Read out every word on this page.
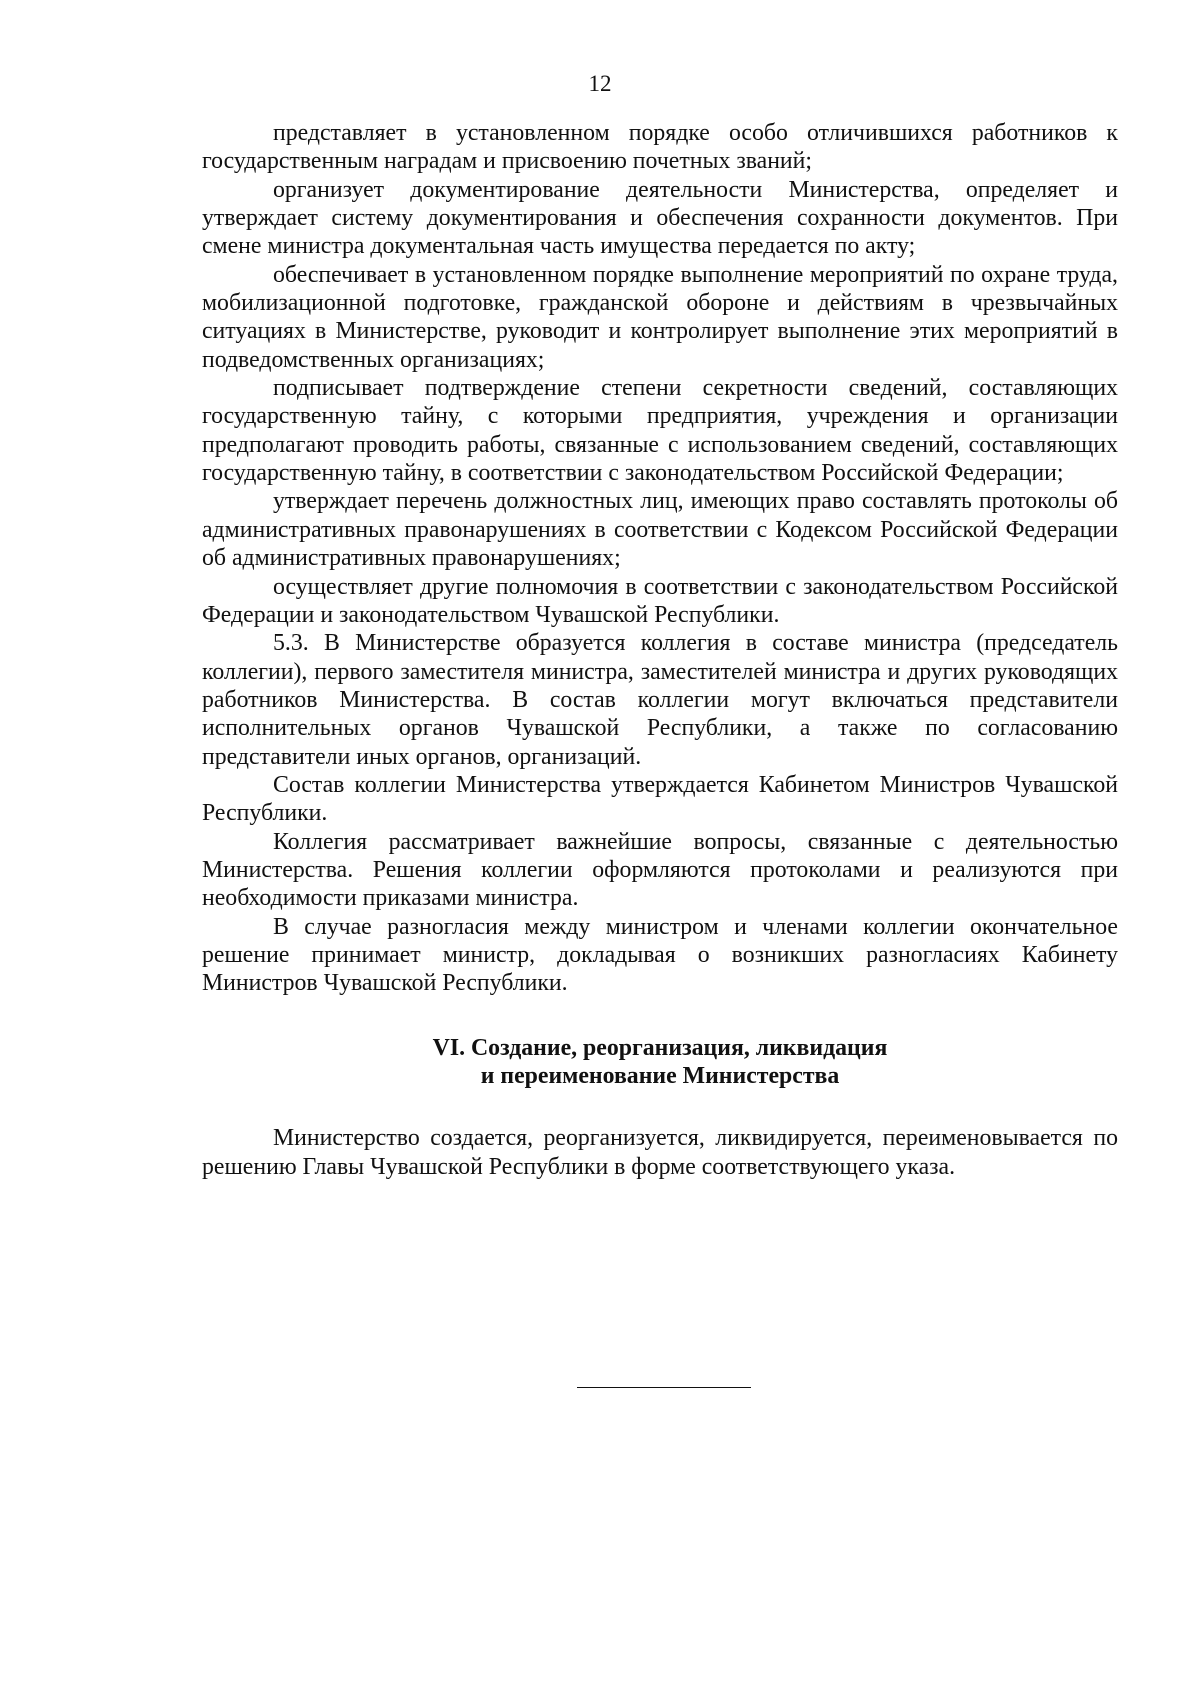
12

представляет в установленном порядке особо отличившихся работников к государственным наградам и присвоению почетных званий;

организует документирование деятельности Министерства, определяет и утверждает систему документирования и обеспечения сохранности документов. При смене министра документальная часть имущества передается по акту;

обеспечивает в установленном порядке выполнение мероприятий по охране труда, мобилизационной подготовке, гражданской обороне и действиям в чрезвычайных ситуациях в Министерстве, руководит и контролирует выполнение этих мероприятий в подведомственных организациях;

подписывает подтверждение степени секретности сведений, составляющих государственную тайну, с которыми предприятия, учреждения и организации предполагают проводить работы, связанные с использованием сведений, составляющих государственную тайну, в соответствии с законодательством Российской Федерации;

утверждает перечень должностных лиц, имеющих право составлять протоколы об административных правонарушениях в соответствии с Кодексом Российской Федерации об административных правонарушениях;

осуществляет другие полномочия в соответствии с законодательством Российской Федерации и законодательством Чувашской Республики.

5.3. В Министерстве образуется коллегия в составе министра (председатель коллегии), первого заместителя министра, заместителей министра и других руководящих работников Министерства. В состав коллегии могут включаться представители исполнительных органов Чувашской Республики, а также по согласованию представители иных органов, организаций.

Состав коллегии Министерства утверждается Кабинетом Министров Чувашской Республики.

Коллегия рассматривает важнейшие вопросы, связанные с деятельностью Министерства. Решения коллегии оформляются протоколами и реализуются при необходимости приказами министра.

В случае разногласия между министром и членами коллегии окончательное решение принимает министр, докладывая о возникших разногласиях Кабинету Министров Чувашской Республики.

VI. Создание, реорганизация, ликвидация
и переименование Министерства

Министерство создается, реорганизуется, ликвидируется, переименовывается по решению Главы Чувашской Республики в форме соответствующего указа.
